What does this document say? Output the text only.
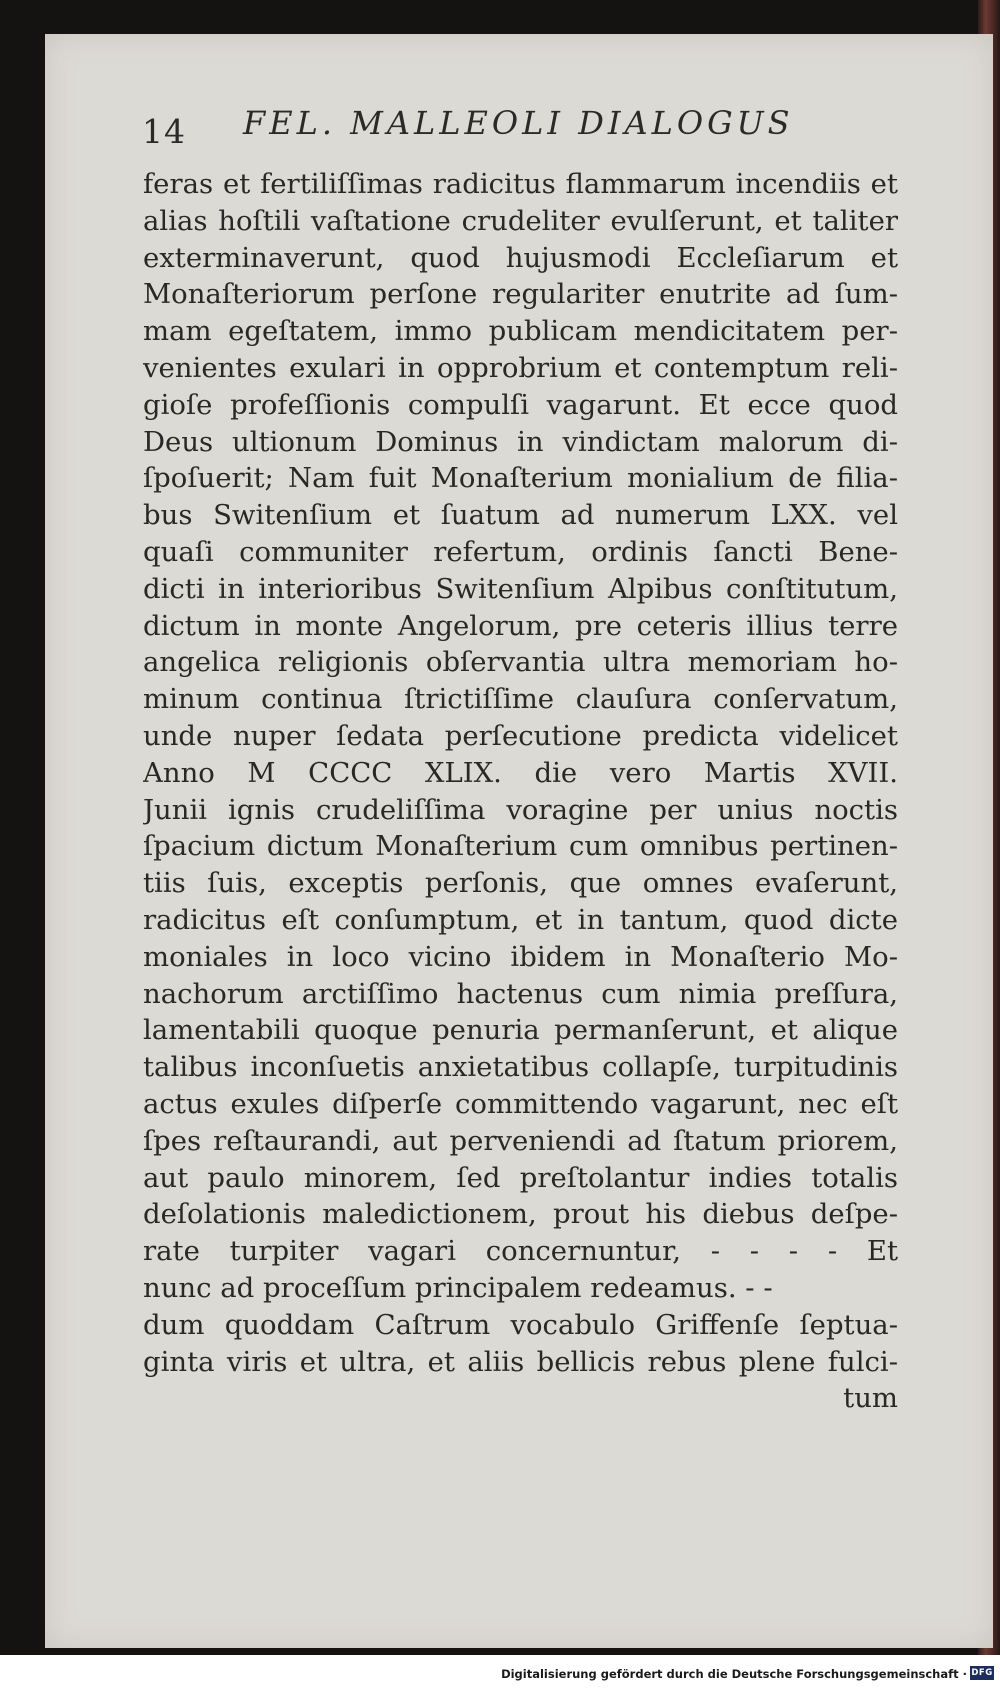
14 FEL. MALLEOLI DIALOGUS
feras et fertiliſſimas radicitus flammarum incendiis et
alias hoſtili vaſtatione crudeliter evulſerunt, et taliter
exterminaverunt, quod hujusmodi Eccleſiarum et
Monaſteriorum perſone regulariter enutrite ad ſum-
mam egeſtatem, immo publicam mendicitatem per-
venientes exulari in opprobrium et contemptum reli-
gioſe profeſſionis compulſi vagarunt. Et ecce quod
Deus ultionum Dominus in vindictam malorum di-
ſpoſuerit; Nam fuit Monaſterium monialium de filia-
bus Switenſium et ſuatum ad numerum LXX. vel
quaſi communiter refertum, ordinis ſancti Bene-
dicti in interioribus Switenſium Alpibus conſtitutum,
dictum in monte Angelorum, pre ceteris illius terre
angelica religionis obſervantia ultra memoriam ho-
minum continua ſtrictiſſime clauſura conſervatum,
unde nuper ſedata perſecutione predicta videlicet
Anno M CCCC XLIX. die vero Martis XVII.
Junii ignis crudeliſſima voragine per unius noctis
ſpacium dictum Monaſterium cum omnibus pertinen-
tiis ſuis, exceptis perſonis, que omnes evaſerunt,
radicitus eſt conſumptum, et in tantum, quod dicte
moniales in loco vicino ibidem in Monaſterio Mo-
nachorum arctiſſimo hactenus cum nimia preſſura,
lamentabili quoque penuria permanſerunt, et alique
talibus inconſuetis anxietatibus collapſe, turpitudinis
actus exules diſperſe committendo vagarunt, nec eſt
ſpes reſtaurandi, aut perveniendi ad ſtatum priorem,
aut paulo minorem, ſed preſtolantur indies totalis
deſolationis maledictionem, prout his diebus deſpe-
rate turpiter vagari concernuntur, - - - - Et
nunc ad proceſſum principalem redeamus. - -
dum quoddam Caſtrum vocabulo Griffenſe ſeptua-
ginta viris et ultra, et aliis bellicis rebus plene fulci-
tum
Digitalisierung gefördert durch die Deutsche Forschungsgemeinschaft · DFG
